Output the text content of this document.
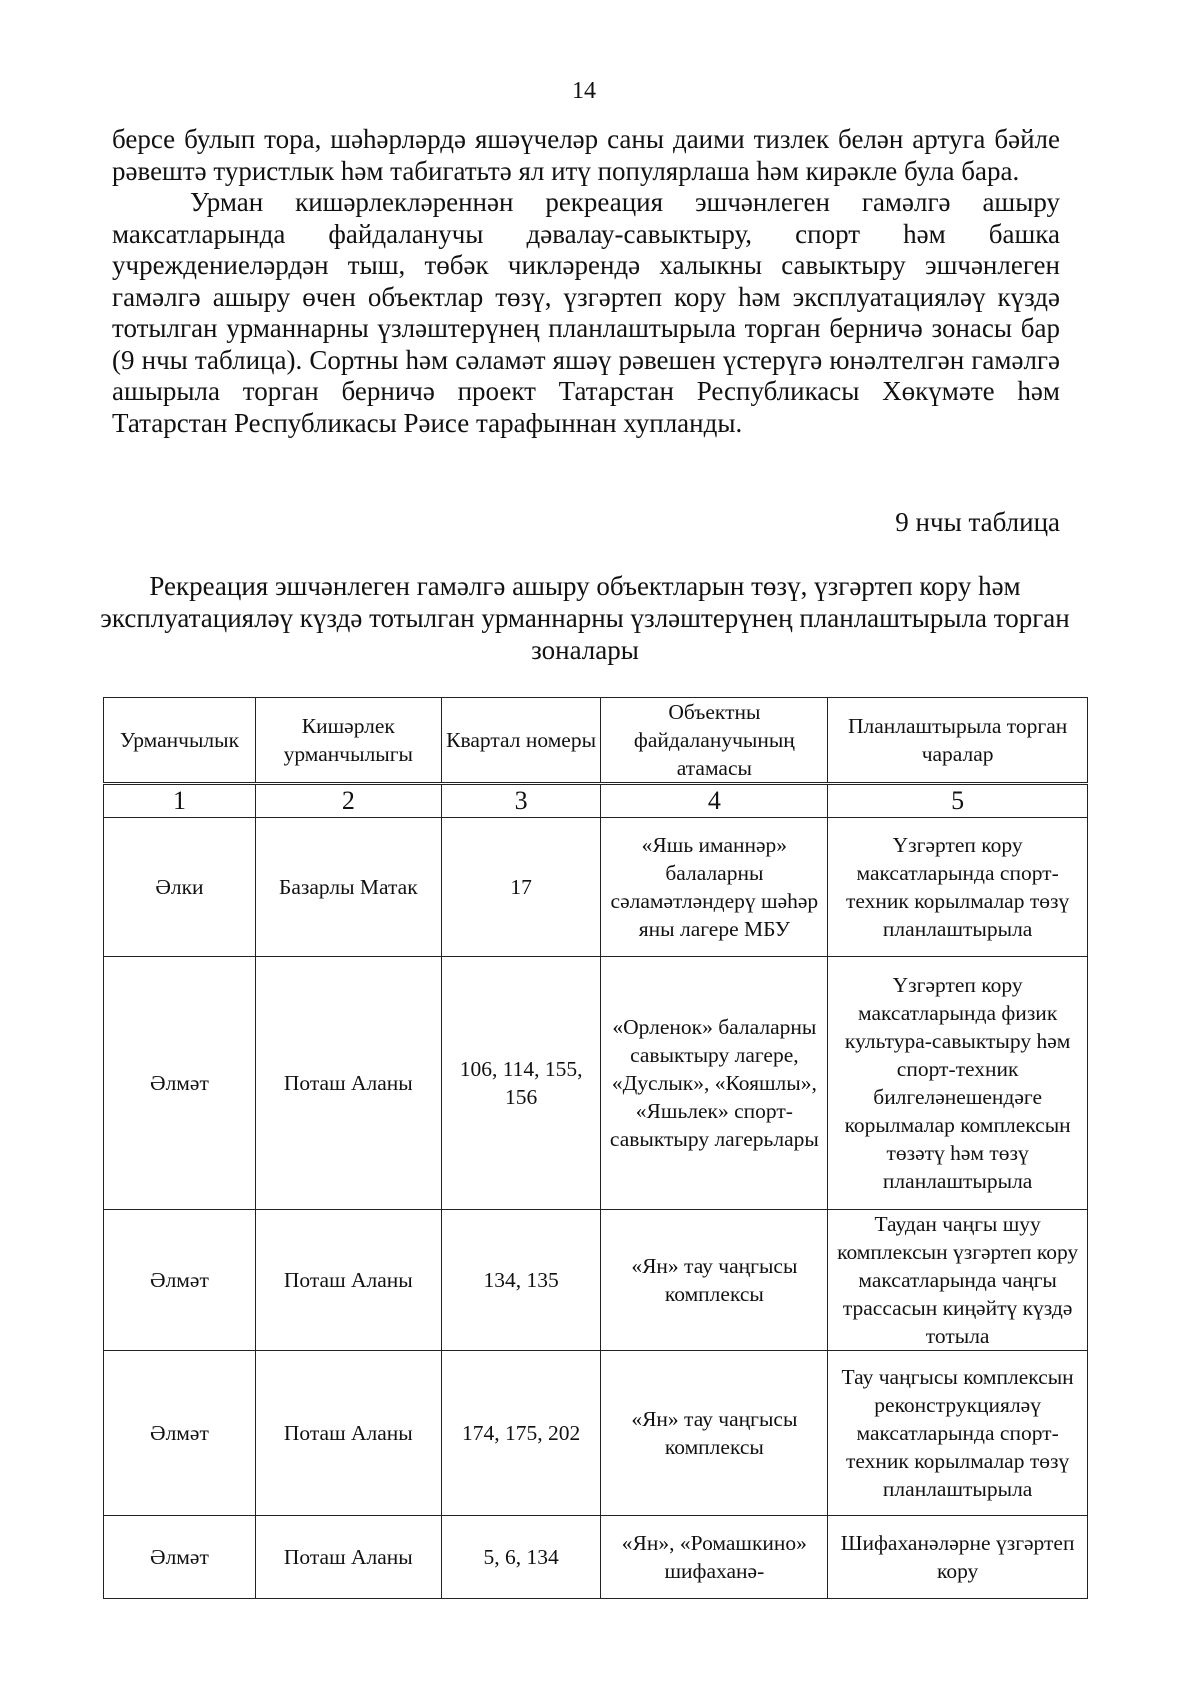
14

берсе булып тора, шәһәрләрдә яшәүчеләр саны даими тизлек белән артуга бәйле рәвештә туристлык һәм табигатьтә ял итү популярлаша һәм кирәкле була бара.

Урман кишәрлекләреннән рекреация эшчәнлеген гамәлгә ашыру максатларында файдаланучы дәвалау-савыктыру, спорт һәм башка учреждениеләрдән тыш, төбәк чикләрендә халыкны савыктыру эшчәнлеген гамәлгә ашыру өчен объектлар төзү, үзгәртеп кору һәм эксплуатацияләү күздә тотылган урманнарны үзләштерүнең планлаштырыла торган берничә зонасы бар (9 нчы таблица). Сортны һәм сәламәт яшәү рәвешен үстерүгә юнәлтелгән гамәлгә ашырыла торган берничә проект Татарстан Республикасы Хөкүмәте һәм Татарстан Республикасы Рәисе тарафыннан хупланды.

9 нчы таблица
Рекреация эшчәнлеген гамәлгә ашыру объектларын төзү, үзгәртеп кору һәм эксплуатацияләү күздә тотылган урманнарны үзләштерүнең планлаштырыла торган зоналары
Урманчылык	Кишәрлек урманчылыгы	Квартал номеры	Объектны файдаланучының атамасы	Планлаштырыла торган чаралар
1	2	3	4	5
Әлки	Базарлы Матак	17	«Яшь иманнәр» балаларны сәламәтләндерү шәһәр яны лагере МБУ	Үзгәртеп кору максатларында спорт-техник корылмалар төзү планлаштырыла
Әлмәт	Поташ Аланы	106, 114, 155, 156	«Орленок» балаларны савыктыру лагере, «Дуслык», «Кояшлы», «Яшьлек» спорт-савыктыру лагерьлары	Үзгәртеп кору максатларында физик культура-савыктыру һәм спорт-техник билгеләнешендәге корылмалар комплексын төзәтү һәм төзү планлаштырыла
Әлмәт	Поташ Аланы	134, 135	«Ян» тау чаңгысы комплексы	Таудан чаңгы шуу комплексын үзгәртеп кору максатларында чаңгы трассасын киңәйтү күздә тотыла
Әлмәт	Поташ Аланы	174, 175, 202	«Ян» тау чаңгысы комплексы	Тау чаңгысы комплексын реконструкцияләү максатларында спорт-техник корылмалар төзү планлаштырыла
Әлмәт	Поташ Аланы	5, 6, 134	«Ян», «Ромашкино» шифаханә-	Шифаханәләрне үзгәртеп кору
